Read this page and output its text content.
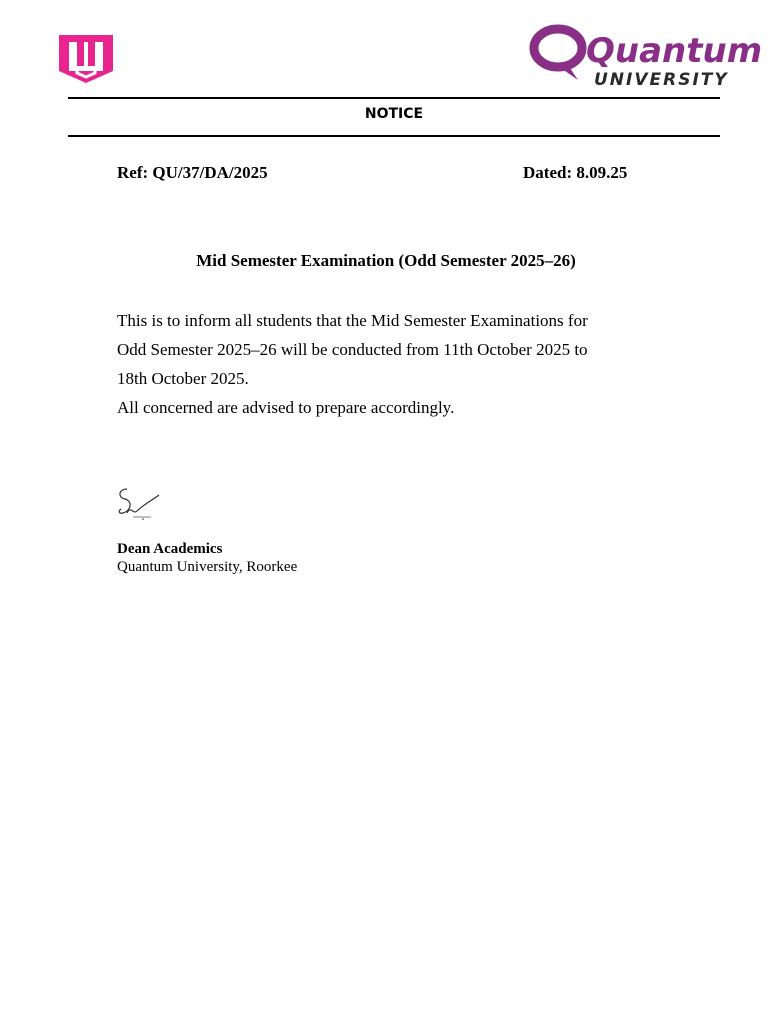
Quantum
UNIVERSITY
NOTICE
Ref: QU/37/DA/2025	Dated: 8.09.25
Mid Semester Examination (Odd Semester 2025–26)

This is to inform all students that the Mid Semester Examinations for

Odd Semester 2025–26 will be conducted from 11th October 2025 to

18th October 2025.

All concerned are advised to prepare accordingly.

Dean Academics
Quantum University, Roorkee
